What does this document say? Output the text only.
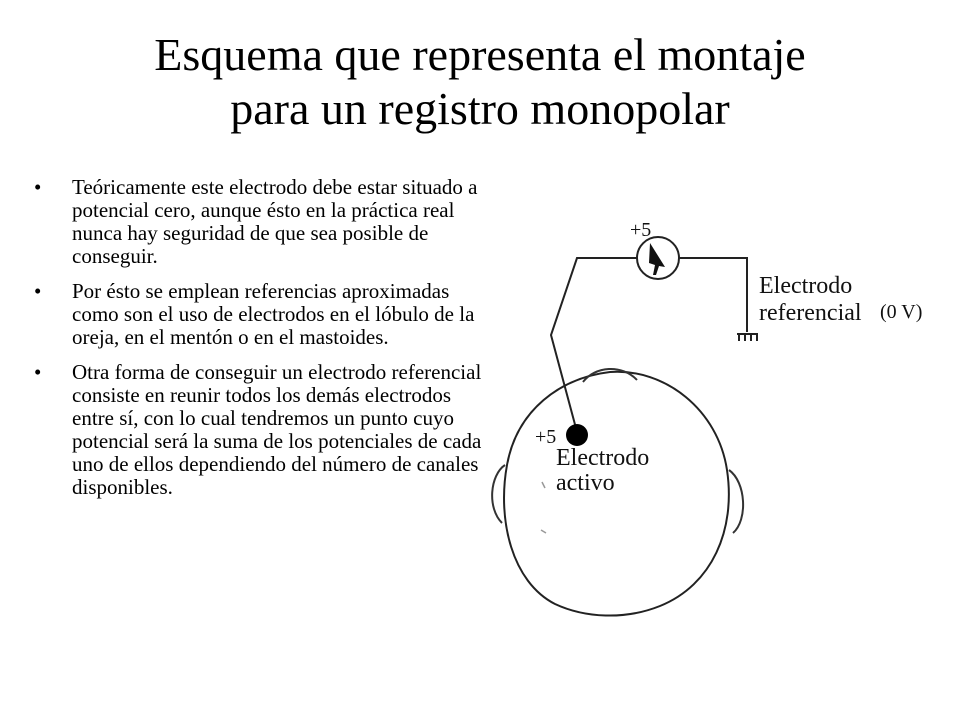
Esquema que representa el montaje
para un registro monopolar
•	Teóricamente este electrodo debe estar situado a potencial cero, aunque ésto en la práctica real nunca hay seguridad de que sea posible de conseguir.
•	Por ésto se emplean referencias aproximadas como son el uso de electrodos en el lóbulo de la oreja, en el mentón o en el mastoides.
•	Otra forma de conseguir un electrodo referencial consiste en reunir todos los demás electrodos entre sí, con lo cual tendremos un punto cuyo potencial será la suma de los potenciales de cada uno de ellos dependiendo del número de canales disponibles.
+5
Electrodo
referencial (0 V)
+5
Electrodo
activo
